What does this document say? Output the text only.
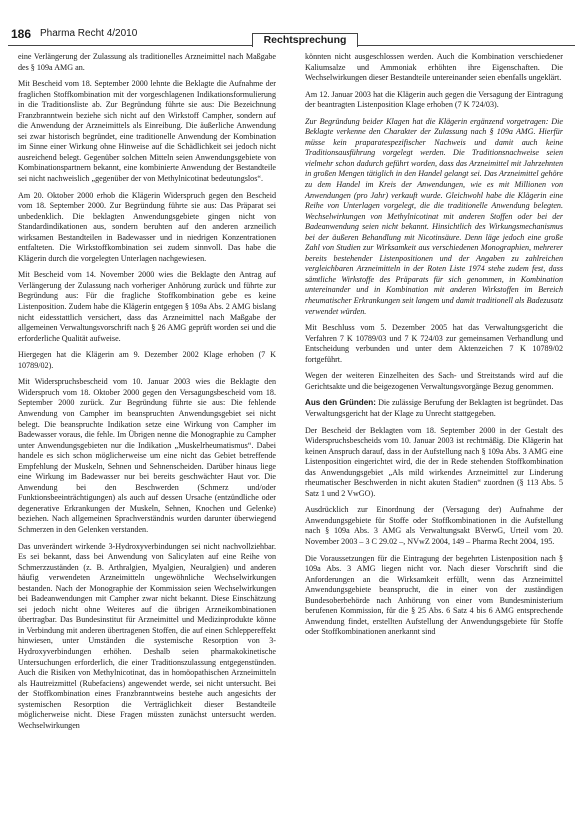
186 Pharma Recht 4/2010
Rechtsprechung

eine Verlängerung der Zulassung als traditionelles Arzneimittel nach Maßgabe des § 109a AMG an.

Mit Bescheid vom 18. September 2000 lehnte die Beklagte die Aufnahme der fraglichen Stoffkombination mit der vorgeschlagenen Indikationsformulierung in die Traditionsliste ab. Zur Begründung führte sie aus: Die Bezeichnung Franzbranntwein beziehe sich nicht auf den Wirkstoff Campher, sondern auf die Anwendung der Arzneimittels als Einreibung. Die äußerliche Anwendung sei zwar historisch begründet, eine traditionelle Anwendung der Kombination im Sinne einer Wirkung ohne Hinweise auf die Schädlichkeit sei jedoch nicht ausreichend belegt. Gegenüber solchen Mitteln seien Anwendungsgebiete von Kombinationspartnern bekannt, eine kombinierte Anwendung der Bestandteile sei nicht nachweislich „gegenüber der von Methylnicotinat bedeutungslos“.

Am 20. Oktober 2000 erhob die Klägerin Widerspruch gegen den Bescheid vom 18. September 2000. Zur Begründung führte sie aus: Das Präparat sei unbedenklich. Die beklagten Anwendungsgebiete gingen nicht von Standardindikationen aus, sondern beruhten auf den anderen arzneilich wirksamen Bestandteilen in Badewasser und in niedrigen Konzentrationen entfalteten. Die Wirkstoffkombination sei zudem sinnvoll. Das habe die Klägerin durch die vorgelegten Unterlagen nachgewiesen.

Mit Bescheid vom 14. November 2000 wies die Beklagte den Antrag auf Verlängerung der Zulassung nach vorheriger Anhörung zurück und führte zur Begründung aus: Für die fragliche Stoffkombination gebe es keine Listenposition. Zudem habe die Klägerin entgegen § 109a Abs. 2 AMG bislang nicht eidesstattlich versichert, dass das Arzneimittel nach Maßgabe der allgemeinen Verwaltungsvorschrift nach § 26 AMG geprüft worden sei und die erforderliche Qualität aufweise.

Hiergegen hat die Klägerin am 9. Dezember 2002 Klage erhoben (7 K 10789/02).

Mit Widerspruchsbescheid vom 10. Januar 2003 wies die Beklagte den Widerspruch vom 18. Oktober 2000 gegen den Versagungsbescheid vom 18. September 2000 zurück. Zur Begründung führte sie aus: Die fehlende Anwendung von Campher im beanspruchten Anwendungsgebiet sei nicht belegt. Die beanspruchte Indikation setze eine Wirkung von Campher im Badewasser voraus, die fehle. Im Übrigen nenne die Monographie zu Campher unter Anwendungsgebieten nur die Indikation „Muskelrheumatismus“. Dabei handele es sich schon möglicherweise um eine nicht das Gebiet betreffende Empfehlung der Muskeln, Sehnen und Sehnenscheiden. Darüber hinaus liege eine Wirkung im Badewasser nur bei bereits geschwächter Haut vor. Die Anwendung bei den Beschwerden (Schmerz und/oder Funktionsbeeinträchtigungen) als auch auf dessen Ursache (entzündliche oder degenerative Erkrankungen der Muskeln, Sehnen, Knochen und Gelenke) beziehen. Nach allgemeinen Sprachverständnis wurden darunter überwiegend Schmerzen in den Gelenken verstanden.

Das unverändert wirkende 3-Hydroxyverbindungen sei nicht nachvollziehbar. Es sei bekannt, dass bei Anwendung von Salicylaten auf eine Reihe von Schmerzzuständen (z. B. Arthralgien, Myalgien, Neuralgien) und anderen häufig verwendeten Arzneimitteln ungewöhnliche Wechselwirkungen bestanden. Nach der Monographie der Kommission seien Wechselwirkungen bei Badeanwendungen mit Campher zwar nicht bekannt. Diese Einschätzung sei jedoch nicht ohne Weiteres auf die übrigen Arzneikombinationen übertragbar. Das Bundesinstitut für Arzneimittel und Medizinprodukte könne in Verbindung mit anderen übertragenen Stoffen, die auf einen Schleppereffekt hinwiesen, unter Umständen die systemische Resorption von 3-Hydroxyverbindungen erhöhen. Deshalb seien pharmakokinetische Untersuchungen erforderlich, die einer Traditionszulassung entgegenstünden. Auch die Risiken von Methylnicotinat, das in homöopathischen Arzneimitteln als Hautreizmittel (Rubefaciens) angewendet werde, sei nicht untersucht. Bei der Stoffkombination eines Franzbranntweins bestehe auch angesichts der systemischen Resorption die Verträglichkeit dieser Bestandteile möglicherweise nicht. Diese Fragen müssten zunächst untersucht werden. Wechselwirkungen

könnten nicht ausgeschlossen werden. Auch die Kombination verschiedener Kaliumsalze und Ammoniak erhöhten ihre Eigenschaften. Die Wechselwirkungen dieser Bestandteile untereinander seien ebenfalls ungeklärt.

Am 12. Januar 2003 hat die Klägerin auch gegen die Versagung der Eintragung der beantragten Listenposition Klage erhoben (7 K 724/03).

Zur Begründung beider Klagen hat die Klägerin ergänzend vorgetragen: Die Beklagte verkenne den Charakter der Zulassung nach § 109a AMG. Hierfür müsse kein praparatespezifischer Nachweis und damit auch keine Traditionsausführung vorgelegt werden. Die Traditionsnachweise seien vielmehr schon dadurch geführt worden, dass das Arzneimittel mit Jahrzehnten in großen Mengen tätiglich in den Handel gelangt sei. Das Arzneimittel gehöre zu dem Handel im Kreis der Anwendungen, wie es mit Millionen von Anwendungen (pro Jahr) verkauft wurde. Gleichwohl habe die Klägerin eine Reihe von Unterlagen vorgelegt, die die traditionelle Anwendung belegten. Wechselwirkungen von Methylnicotinat mit anderen Stoffen oder bei der Badeanwendung seien nicht bekannt. Hinsichtlich des Wirkungsmechanismus bei der äußeren Behandlung mit Nicotinsäure. Denn läge jedoch eine große Zahl von Studien zur Wirksamkeit aus verschiedenen Monographien, mehrerer bereits bestehender Listenpositionen und der Angaben zu zahlreichen vergleichbaren Arzneimitteln in der Roten Liste 1974 stehe zudem fest, dass sämtliche Wirkstoffe des Präparats für sich genommen, in Kombination untereinander und in Kombination mit anderen Wirkstoffen im Bereich rheumatischer Erkrankungen seit langem und damit traditionell als Badezusatz verwendet würden.

Mit Beschluss vom 5. Dezember 2005 hat das Verwaltungsgericht die Verfahren 7 K 10789/03 und 7 K 724/03 zur gemeinsamen Verhandlung und Entscheidung verbunden und unter dem Aktenzeichen 7 K 10789/02 fortgeführt.

Wegen der weiteren Einzelheiten des Sach- und Streitstands wird auf die Gerichtsakte und die beigezogenen Verwaltungsvorgänge Bezug genommen.

Aus den Gründen: Die zulässige Berufung der Beklagten ist begründet. Das Verwaltungsgericht hat der Klage zu Unrecht stattgegeben.

Der Bescheid der Beklagten vom 18. September 2000 in der Gestalt des Widerspruchsbescheids vom 10. Januar 2003 ist rechtmäßig. Die Klägerin hat keinen Anspruch darauf, dass in der Aufstellung nach § 109a Abs. 3 AMG eine Listenposition eingerichtet wird, die der in Rede stehenden Stoffkombination das Anwendungsgebiet „Als mild wirkendes Arzneimittel zur Linderung rheumatischer Beschwerden in nicht akuten Stadien“ zuordnen (§ 113 Abs. 5 Satz 1 und 2 VwGO).

Ausdrücklich zur Einordnung der (Versagung der) Aufnahme der Anwendungsgebiete für Stoffe oder Stoffkombinationen in die Aufstellung nach § 109a Abs. 3 AMG als Verwaltungsakt BVerwG, Urteil vom 20. November 2003 – 3 C 29.02 –, NVwZ 2004, 149 – Pharma Recht 2004, 195.

Die Voraussetzungen für die Eintragung der begehrten Listenposition nach § 109a Abs. 3 AMG liegen nicht vor. Nach dieser Vorschrift sind die Anforderungen an die Wirksamkeit erfüllt, wenn das Arzneimittel Anwendungsgebiete beansprucht, die in einer von der zuständigen Bundesoberbehörde nach Anhörung von einer vom Bundesministerium berufenen Kommission, für die § 25 Abs. 6 Satz 4 bis 6 AMG entsprechende Anwendung findet, erstellten Aufstellung der Anwendungsgebiete für Stoffe oder Stoffkombinationen anerkannt sind
